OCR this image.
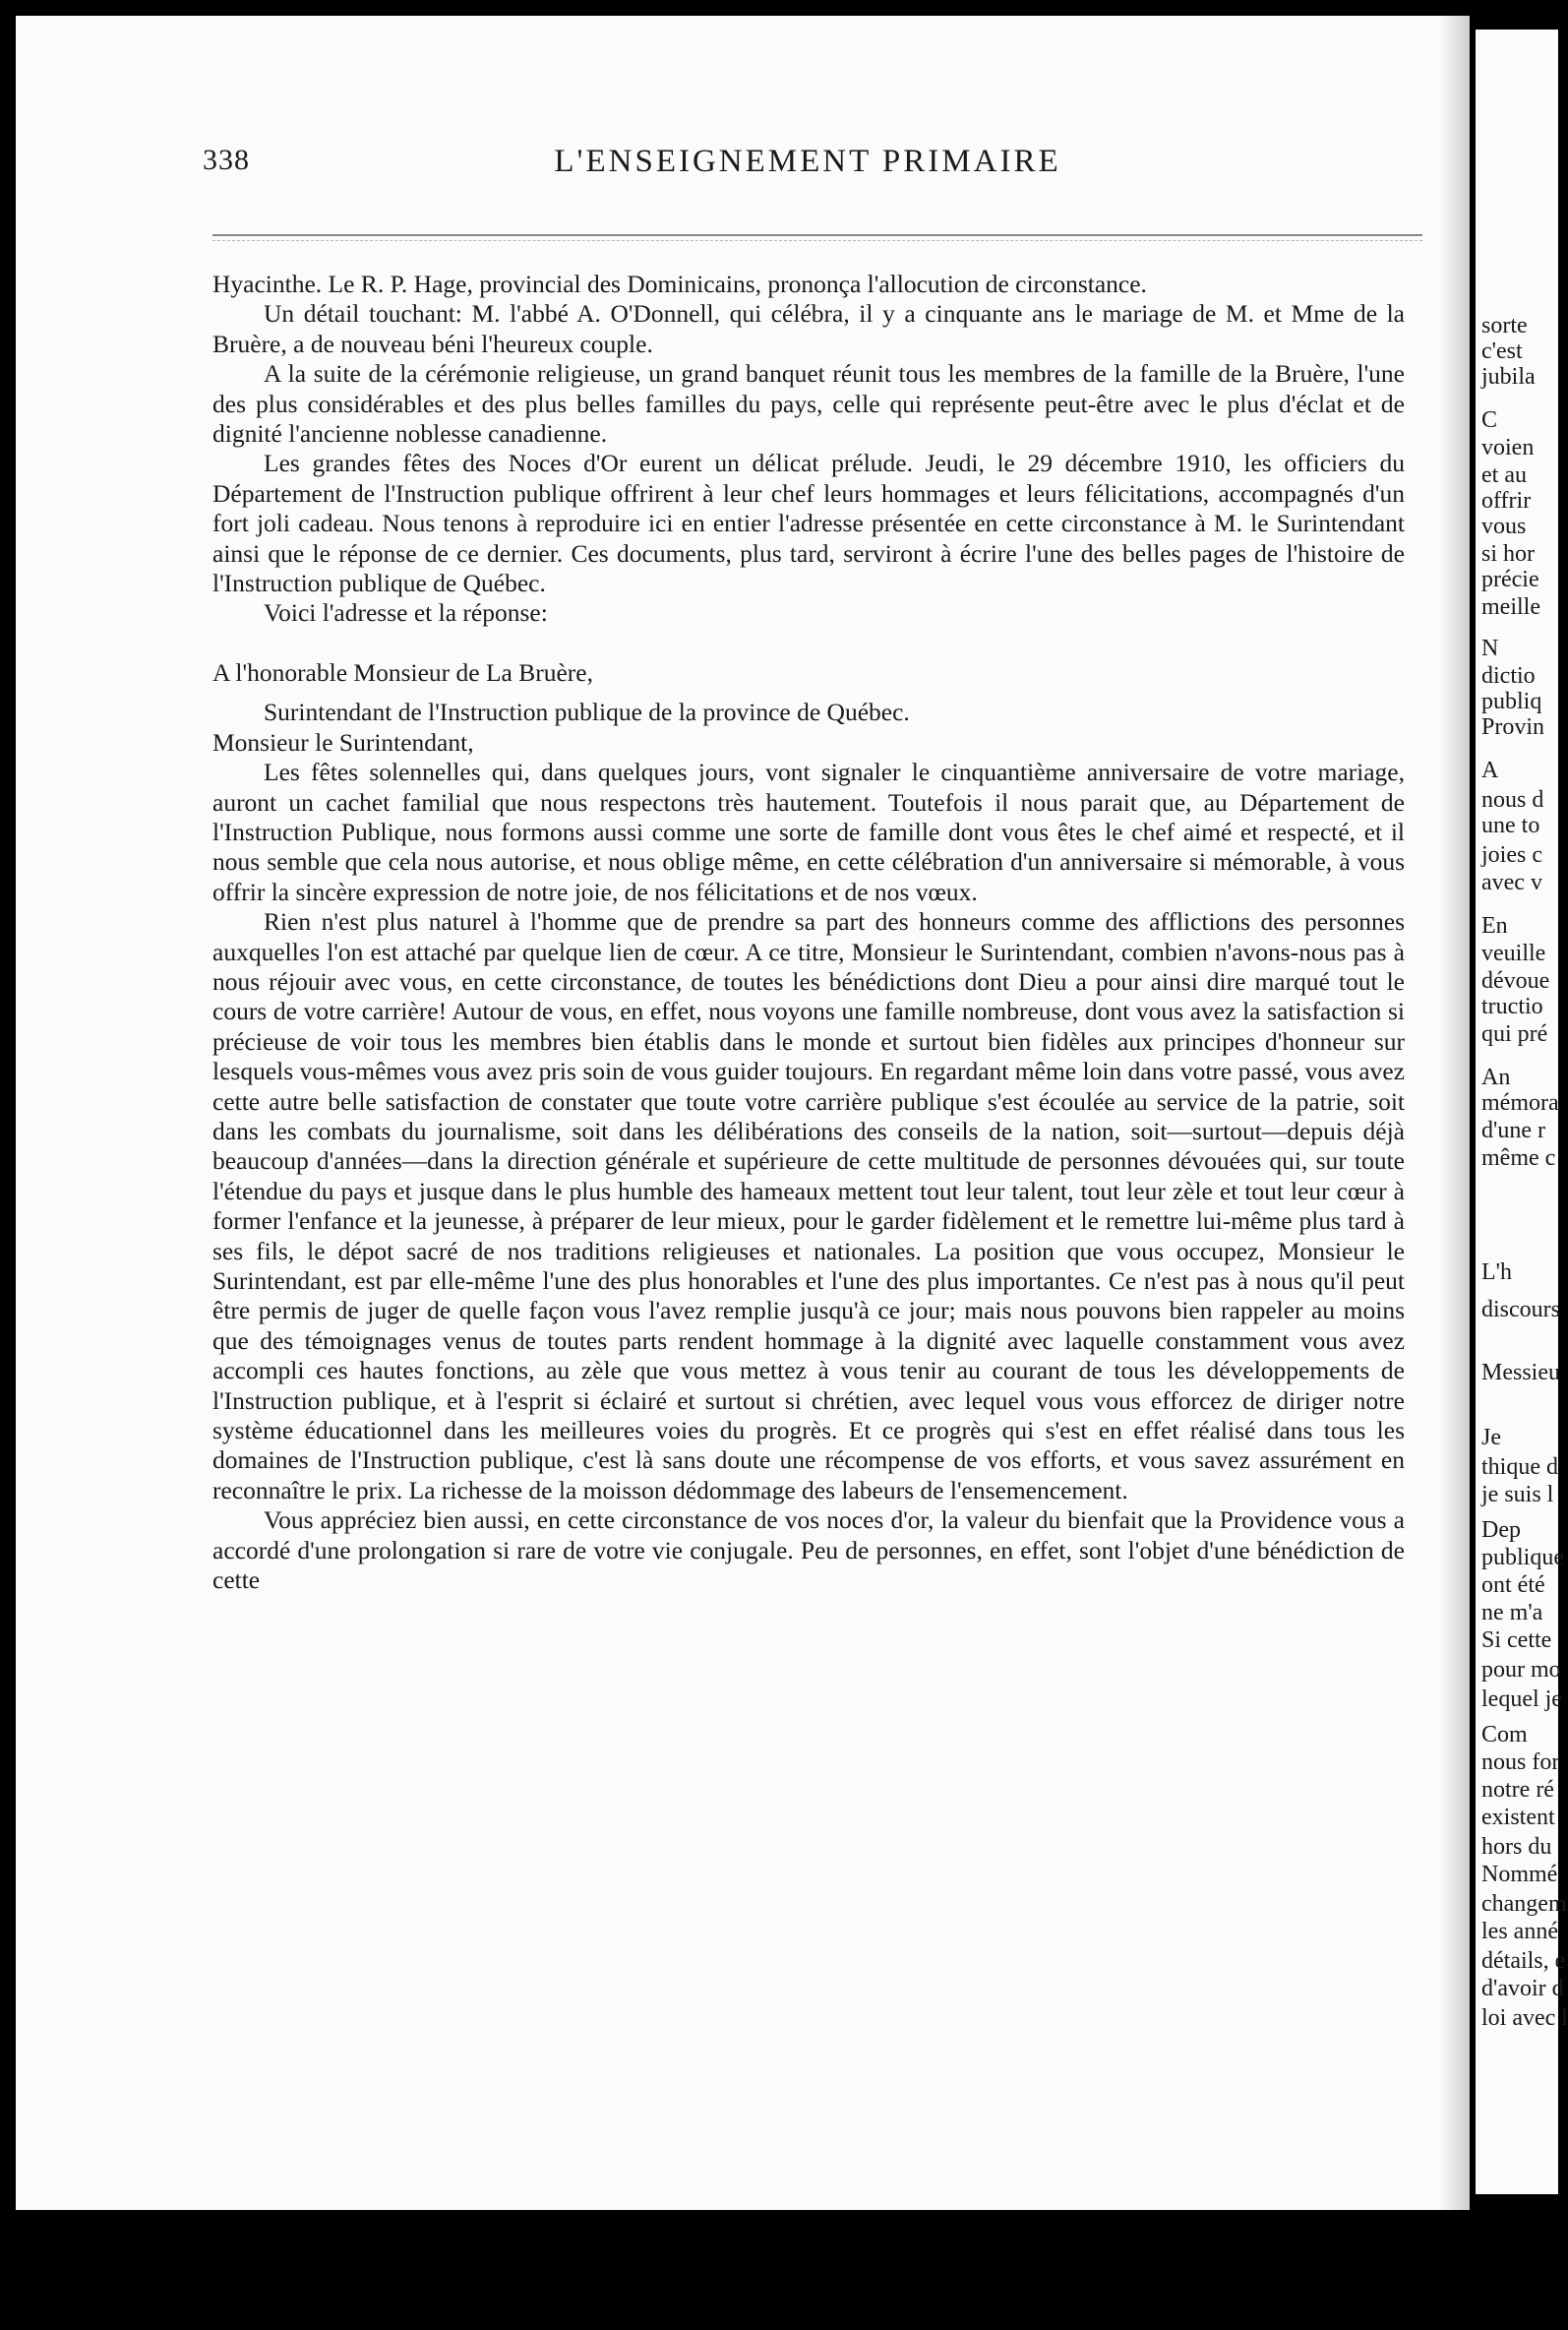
338	L'ENSEIGNEMENT PRIMAIRE

Hyacinthe. Le R. P. Hage, provincial des Dominicains, prononça l'allocution de circonstance.

Un détail touchant: M. l'abbé A. O'Donnell, qui célébra, il y a cinquante ans le mariage de M. et Mme de la Bruère, a de nouveau béni l'heureux couple.

A la suite de la cérémonie religieuse, un grand banquet réunit tous les membres de la famille de la Bruère, l'une des plus considérables et des plus belles familles du pays, celle qui représente peut-être avec le plus d'éclat et de dignité l'ancienne noblesse canadienne.

Les grandes fêtes des Noces d'Or eurent un délicat prélude. Jeudi, le 29 décembre 1910, les officiers du Département de l'Instruction publique offrirent à leur chef leurs hommages et leurs félicitations, accompagnés d'un fort joli cadeau. Nous tenons à reproduire ici en entier l'adresse présentée en cette circonstance à M. le Surintendant ainsi que le réponse de ce dernier. Ces documents, plus tard, serviront à écrire l'une des belles pages de l'histoire de l'Instruction publique de Québec.

Voici l'adresse et la réponse:

A l'honorable Monsieur de La Bruère,

Surintendant de l'Instruction publique de la province de Québec.

Monsieur le Surintendant,

Les fêtes solennelles qui, dans quelques jours, vont signaler le cinquantième anniversaire de votre mariage, auront un cachet familial que nous respectons très hautement. Toutefois il nous parait que, au Département de l'Instruction Publique, nous formons aussi comme une sorte de famille dont vous êtes le chef aimé et respecté, et il nous semble que cela nous autorise, et nous oblige même, en cette célébration d'un anniversaire si mémorable, à vous offrir la sincère expression de notre joie, de nos félicitations et de nos vœux.

Rien n'est plus naturel à l'homme que de prendre sa part des honneurs comme des afflictions des personnes auxquelles l'on est attaché par quelque lien de cœur. A ce titre, Monsieur le Surintendant, combien n'avons-nous pas à nous réjouir avec vous, en cette circonstance, de toutes les bénédictions dont Dieu a pour ainsi dire marqué tout le cours de votre carrière! Autour de vous, en effet, nous voyons une famille nombreuse, dont vous avez la satisfaction si précieuse de voir tous les membres bien établis dans le monde et surtout bien fidèles aux principes d'honneur sur lesquels vous-mêmes vous avez pris soin de vous guider toujours. En regardant même loin dans votre passé, vous avez cette autre belle satisfaction de constater que toute votre carrière publique s'est écoulée au service de la patrie, soit dans les combats du journalisme, soit dans les délibérations des conseils de la nation, soit—surtout—depuis déjà beaucoup d'années—dans la direction générale et supérieure de cette multitude de personnes dévouées qui, sur toute l'étendue du pays et jusque dans le plus humble des hameaux mettent tout leur talent, tout leur zèle et tout leur cœur à former l'enfance et la jeunesse, à préparer de leur mieux, pour le garder fidèlement et le remettre lui-même plus tard à ses fils, le dépot sacré de nos traditions religieuses et nationales. La position que vous occupez, Monsieur le Surintendant, est par elle-même l'une des plus honorables et l'une des plus importantes. Ce n'est pas à nous qu'il peut être permis de juger de quelle façon vous l'avez remplie jusqu'à ce jour; mais nous pouvons bien rappeler au moins que des témoignages venus de toutes parts rendent hommage à la dignité avec laquelle constamment vous avez accompli ces hautes fonctions, au zèle que vous mettez à vous tenir au courant de tous les développements de l'Instruction publique, et à l'esprit si éclairé et surtout si chrétien, avec lequel vous vous efforcez de diriger notre système éducationnel dans les meilleures voies du progrès. Et ce progrès qui s'est en effet réalisé dans tous les domaines de l'Instruction publique, c'est là sans doute une récompense de vos efforts, et vous savez assurément en reconnaître le prix. La richesse de la moisson dédommage des labeurs de l'ensemencement.

Vous appréciez bien aussi, en cette circonstance de vos noces d'or, la valeur du bienfait que la Providence vous a accordé d'une prolongation si rare de votre vie conjugale. Peu de personnes, en effet, sont l'objet d'une bénédiction de cette

sorte
c'est
jubila
C
voien
et au
offrir
vous
si hor
précie
meille
N
dictio
publiq
Provin
A
nous d
une to
joies c
avec v
En
veuille
dévoue
tructio
qui pré
An
mémora
d'une r
même c
L'h
discours
Messieu
Je
thique d
je suis l
Dep
publique
ont été
ne m'a
Si cette
pour mo
lequel je
Com
nous for
notre ré
existent
hors du
Nommé
changem
les anné
détails, e
d'avoir d
loi avec l
